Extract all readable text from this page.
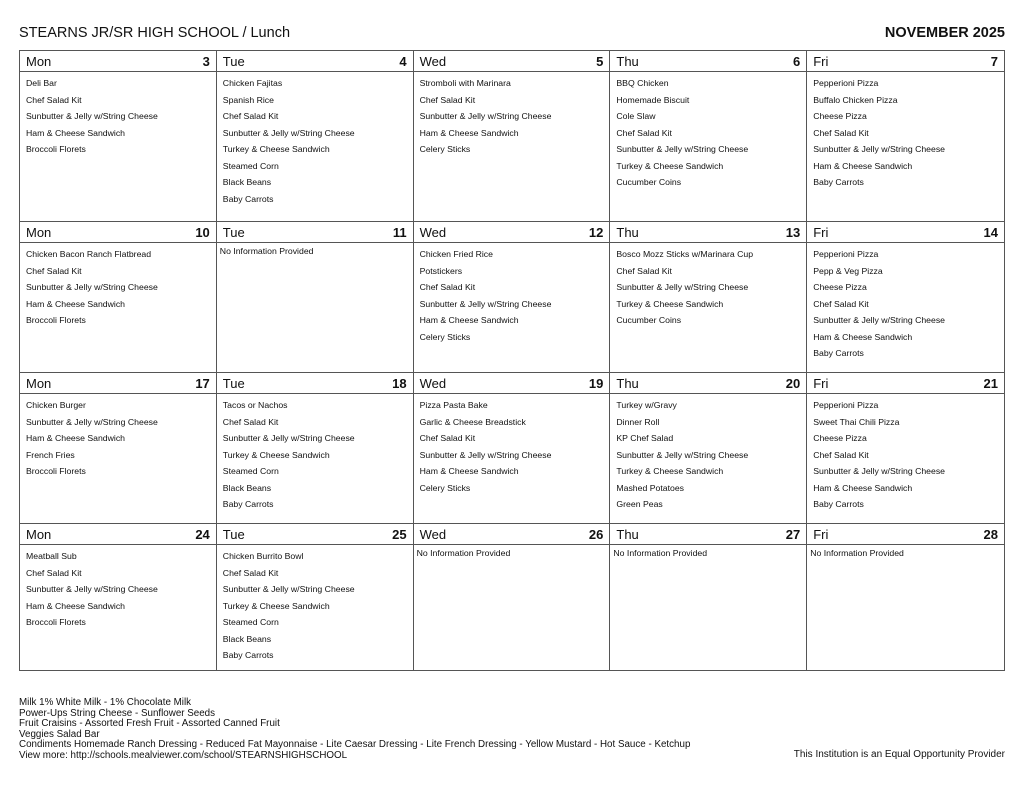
STEARNS JR/SR HIGH SCHOOL / Lunch	NOVEMBER 2025
Mon	3
Deli Bar
Chef Salad Kit
Sunbutter & Jelly w/String Cheese
Ham & Cheese Sandwich
Broccoli Florets
Tue	4
Chicken Fajitas
Spanish Rice
Chef Salad Kit
Sunbutter & Jelly w/String Cheese
Turkey & Cheese Sandwich
Steamed Corn
Black Beans
Baby Carrots
Wed	5
Stromboli with Marinara
Chef Salad Kit
Sunbutter & Jelly w/String Cheese
Ham & Cheese Sandwich
Celery Sticks
Thu	6
BBQ Chicken
Homemade Biscuit
Cole Slaw
Chef Salad Kit
Sunbutter & Jelly w/String Cheese
Turkey & Cheese Sandwich
Cucumber Coins
Fri	7
Pepperioni Pizza
Buffalo Chicken Pizza
Cheese Pizza
Chef Salad Kit
Sunbutter & Jelly w/String Cheese
Ham & Cheese Sandwich
Baby Carrots
Mon	10
Chicken Bacon Ranch Flatbread
Chef Salad Kit
Sunbutter & Jelly w/String Cheese
Ham & Cheese Sandwich
Broccoli Florets
Tue	11
No Information Provided
Wed	12
Chicken Fried Rice
Potstickers
Chef Salad Kit
Sunbutter & Jelly w/String Cheese
Ham & Cheese Sandwich
Celery Sticks
Thu	13
Bosco Mozz Sticks w/Marinara Cup
Chef Salad Kit
Sunbutter & Jelly w/String Cheese
Turkey & Cheese Sandwich
Cucumber Coins
Fri	14
Pepperioni Pizza
Pepp & Veg Pizza
Cheese Pizza
Chef Salad Kit
Sunbutter & Jelly w/String Cheese
Ham & Cheese Sandwich
Baby Carrots
Mon	17
Chicken Burger
Sunbutter & Jelly w/String Cheese
Ham & Cheese Sandwich
French Fries
Broccoli Florets
Tue	18
Tacos or Nachos
Chef Salad Kit
Sunbutter & Jelly w/String Cheese
Turkey & Cheese Sandwich
Steamed Corn
Black Beans
Baby Carrots
Wed	19
Pizza Pasta Bake
Garlic & Cheese Breadstick
Chef Salad Kit
Sunbutter & Jelly w/String Cheese
Ham & Cheese Sandwich
Celery Sticks
Thu	20
Turkey w/Gravy
Dinner Roll
KP Chef Salad
Sunbutter & Jelly w/String Cheese
Turkey & Cheese Sandwich
Mashed Potatoes
Green Peas
Fri	21
Pepperioni Pizza
Sweet Thai Chili Pizza
Cheese Pizza
Chef Salad Kit
Sunbutter & Jelly w/String Cheese
Ham & Cheese Sandwich
Baby Carrots
Mon	24
Meatball Sub
Chef Salad Kit
Sunbutter & Jelly w/String Cheese
Ham & Cheese Sandwich
Broccoli Florets
Tue	25
Chicken Burrito Bowl
Chef Salad Kit
Sunbutter & Jelly w/String Cheese
Turkey & Cheese Sandwich
Steamed Corn
Black Beans
Baby Carrots
Wed	26
No Information Provided
Thu	27
No Information Provided
Fri	28
No Information Provided
Milk 1% White Milk - 1% Chocolate Milk
Power-Ups String Cheese - Sunflower Seeds
Fruit Craisins - Assorted Fresh Fruit - Assorted Canned Fruit
Veggies Salad Bar
Condiments Homemade Ranch Dressing - Reduced Fat Mayonnaise - Lite Caesar Dressing - Lite French Dressing - Yellow Mustard - Hot Sauce - Ketchup
View more: http://schools.mealviewer.com/school/STEARNSHIGHSCHOOL	This Institution is an Equal Opportunity Provider
